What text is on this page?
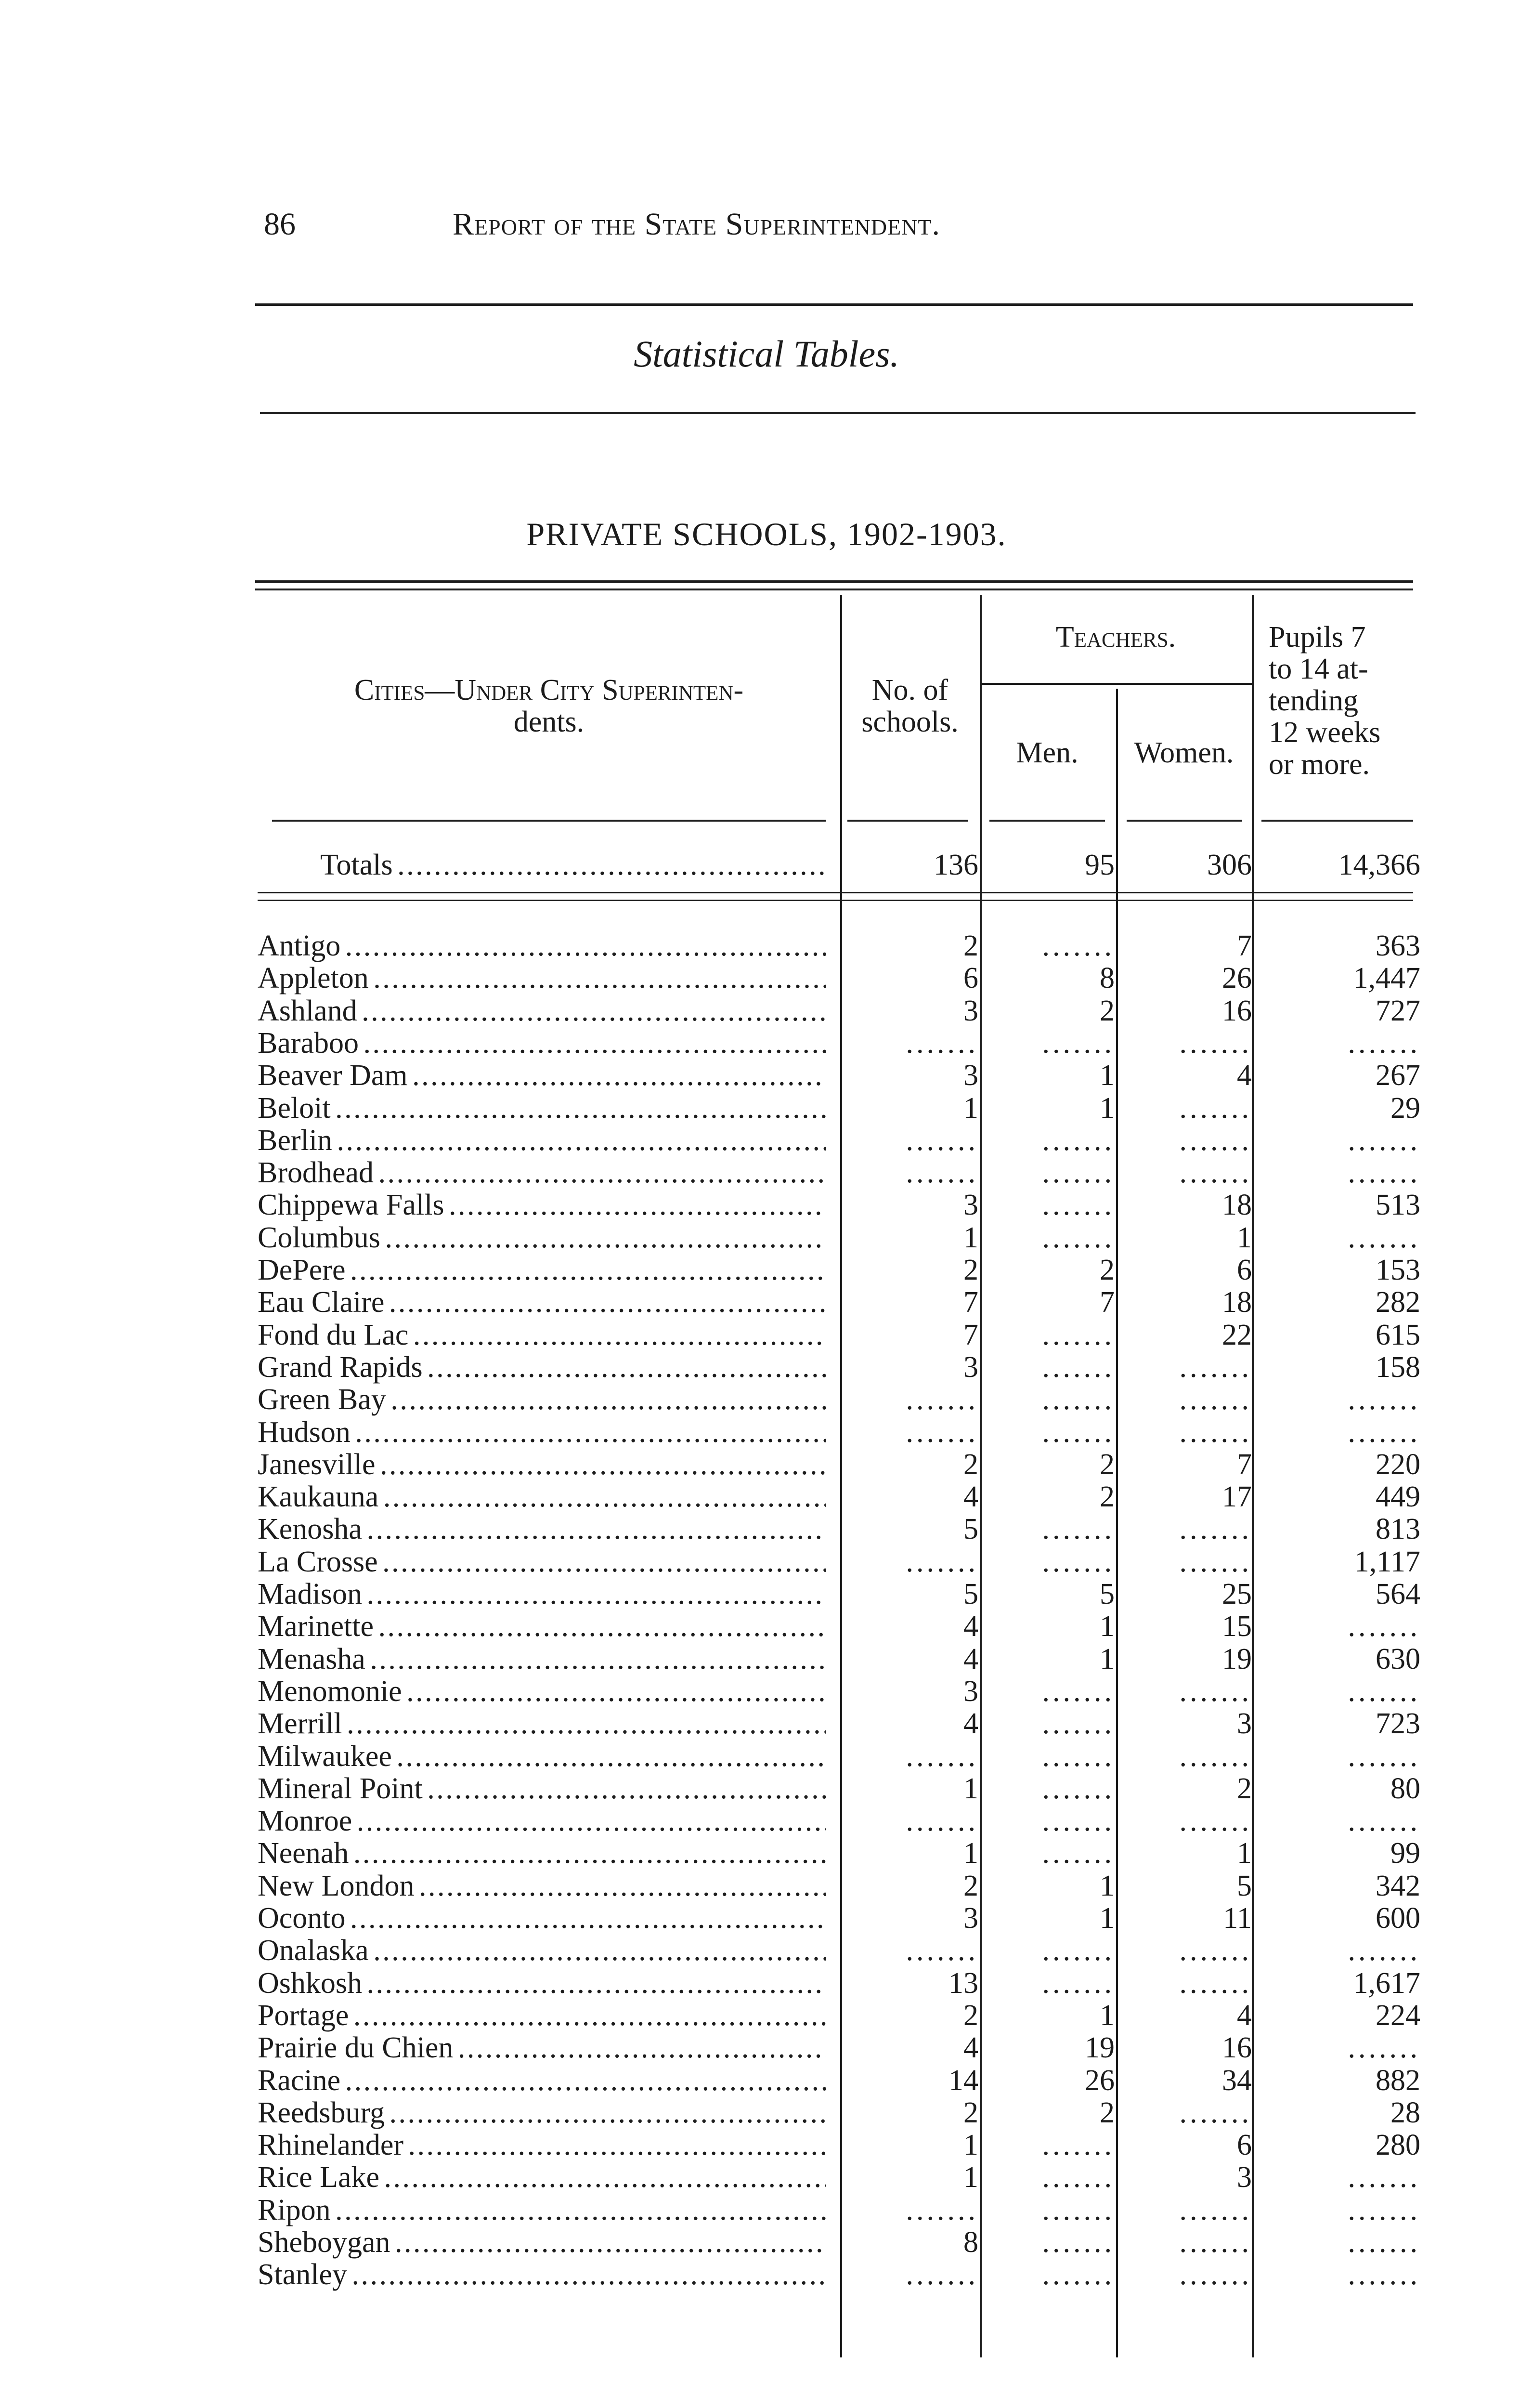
86	Report of the State Superintendent.
Statistical Tables.
PRIVATE SCHOOLS, 1902-1903.
Cities—Under City Superinten-
dents.
No. of
schools.
Teachers.
Men.	Women.
Pupils 7
to 14 at-
tending
12 weeks
or more.
Totals . . .	136	95	306	14,366
Antigo . . .	2	.......	7	363
Appleton . . .	6	8	26	1,447
Ashland . . .	3	2	16	727
Baraboo . . .	.......	.......	.......	.......
Beaver Dam . . .	3	1	4	267
Beloit . . .	1	1	.......	29
Berlin . . .	.......	.......	.......	.......
Brodhead . . .	.......	.......	.......	.......
Chippewa Falls . . .	3	.......	18	513
Columbus . . .	1	.......	1	.......
DePere . . .	2	2	6	153
Eau Claire . . .	7	7	18	282
Fond du Lac . . .	7	.......	22	615
Grand Rapids . . .	3	.......	.......	158
Green Bay . . .	.......	.......	.......	.......
Hudson . . .	.......	.......	.......	.......
Janesville . . .	2	2	7	220
Kaukauna . . .	4	2	17	449
Kenosha . . .	5	.......	.......	813
La Crosse . . .	.......	.......	.......	1,117
Madison . . .	5	5	25	564
Marinette . . .	4	1	15	.......
Menasha . . .	4	1	19	630
Menomonie . . .	3	.......	.......	.......
Merrill . . .	4	.......	3	723
Milwaukee . . .	.......	.......	.......	.......
Mineral Point . . .	1	.......	2	80
Monroe . . .	.......	.......	.......	.......
Neenah . . .	1	.......	1	99
New London . . .	2	1	5	342
Oconto . . .	3	1	11	600
Onalaska . . .	.......	.......	.......	.......
Oshkosh . . .	13	.......	.......	1,617
Portage . . .	2	1	4	224
Prairie du Chien . . .	4	19	16	.......
Racine . . .	14	26	34	882
Reedsburg . . .	2	2	.......	28
Rhinelander . . .	1	.......	6	280
Rice Lake . . .	1	.......	3	.......
Ripon . . .	.......	.......	.......	.......
Sheboygan . . .	8	.......	.......	.......
Stanley . . .	.......	.......	.......	.......
